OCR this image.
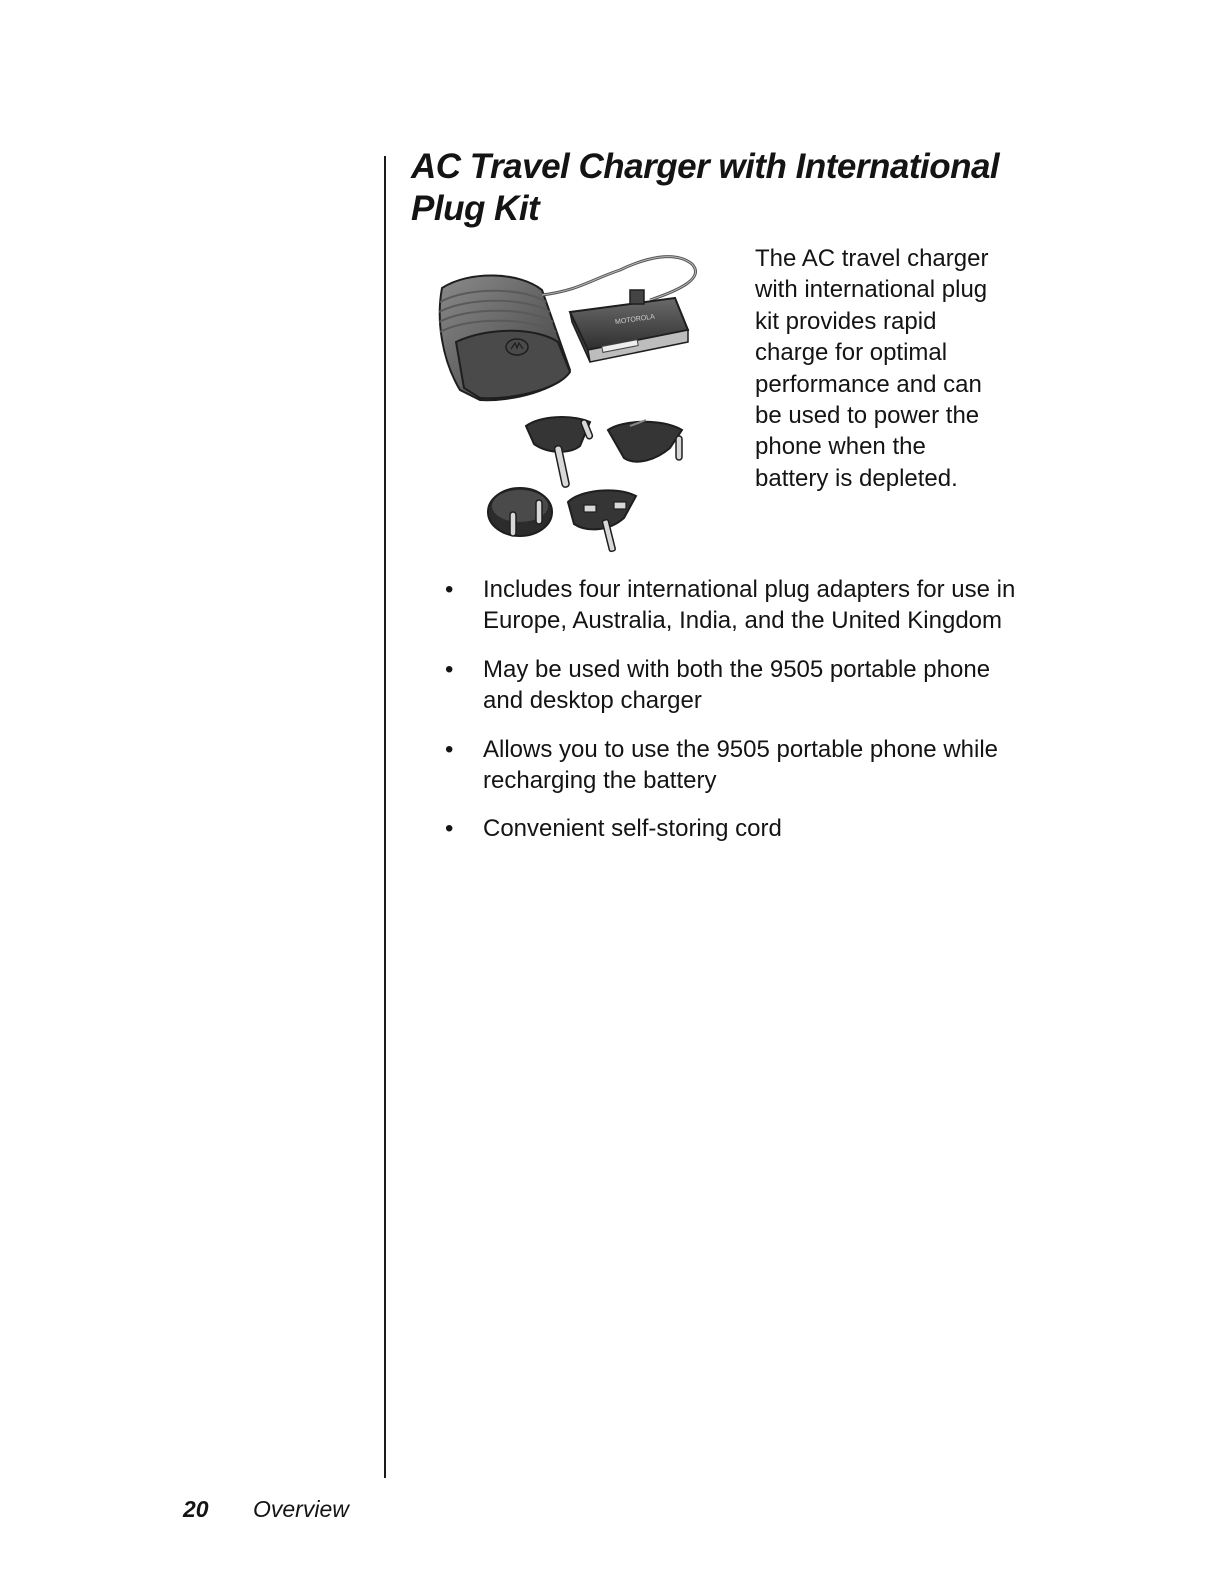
AC Travel Charger with International Plug Kit
MOTOROLA

The AC travel charger with international plug kit provides rapid charge for optimal performance and can be used to power the phone when the battery is depleted.

• Includes four international plug adapters for use in Europe, Australia, India, and the United Kingdom
• May be used with both the 9505 portable phone and desktop charger
• Allows you to use the 9505 portable phone while recharging the battery
• Convenient self-storing cord
20 Overview
